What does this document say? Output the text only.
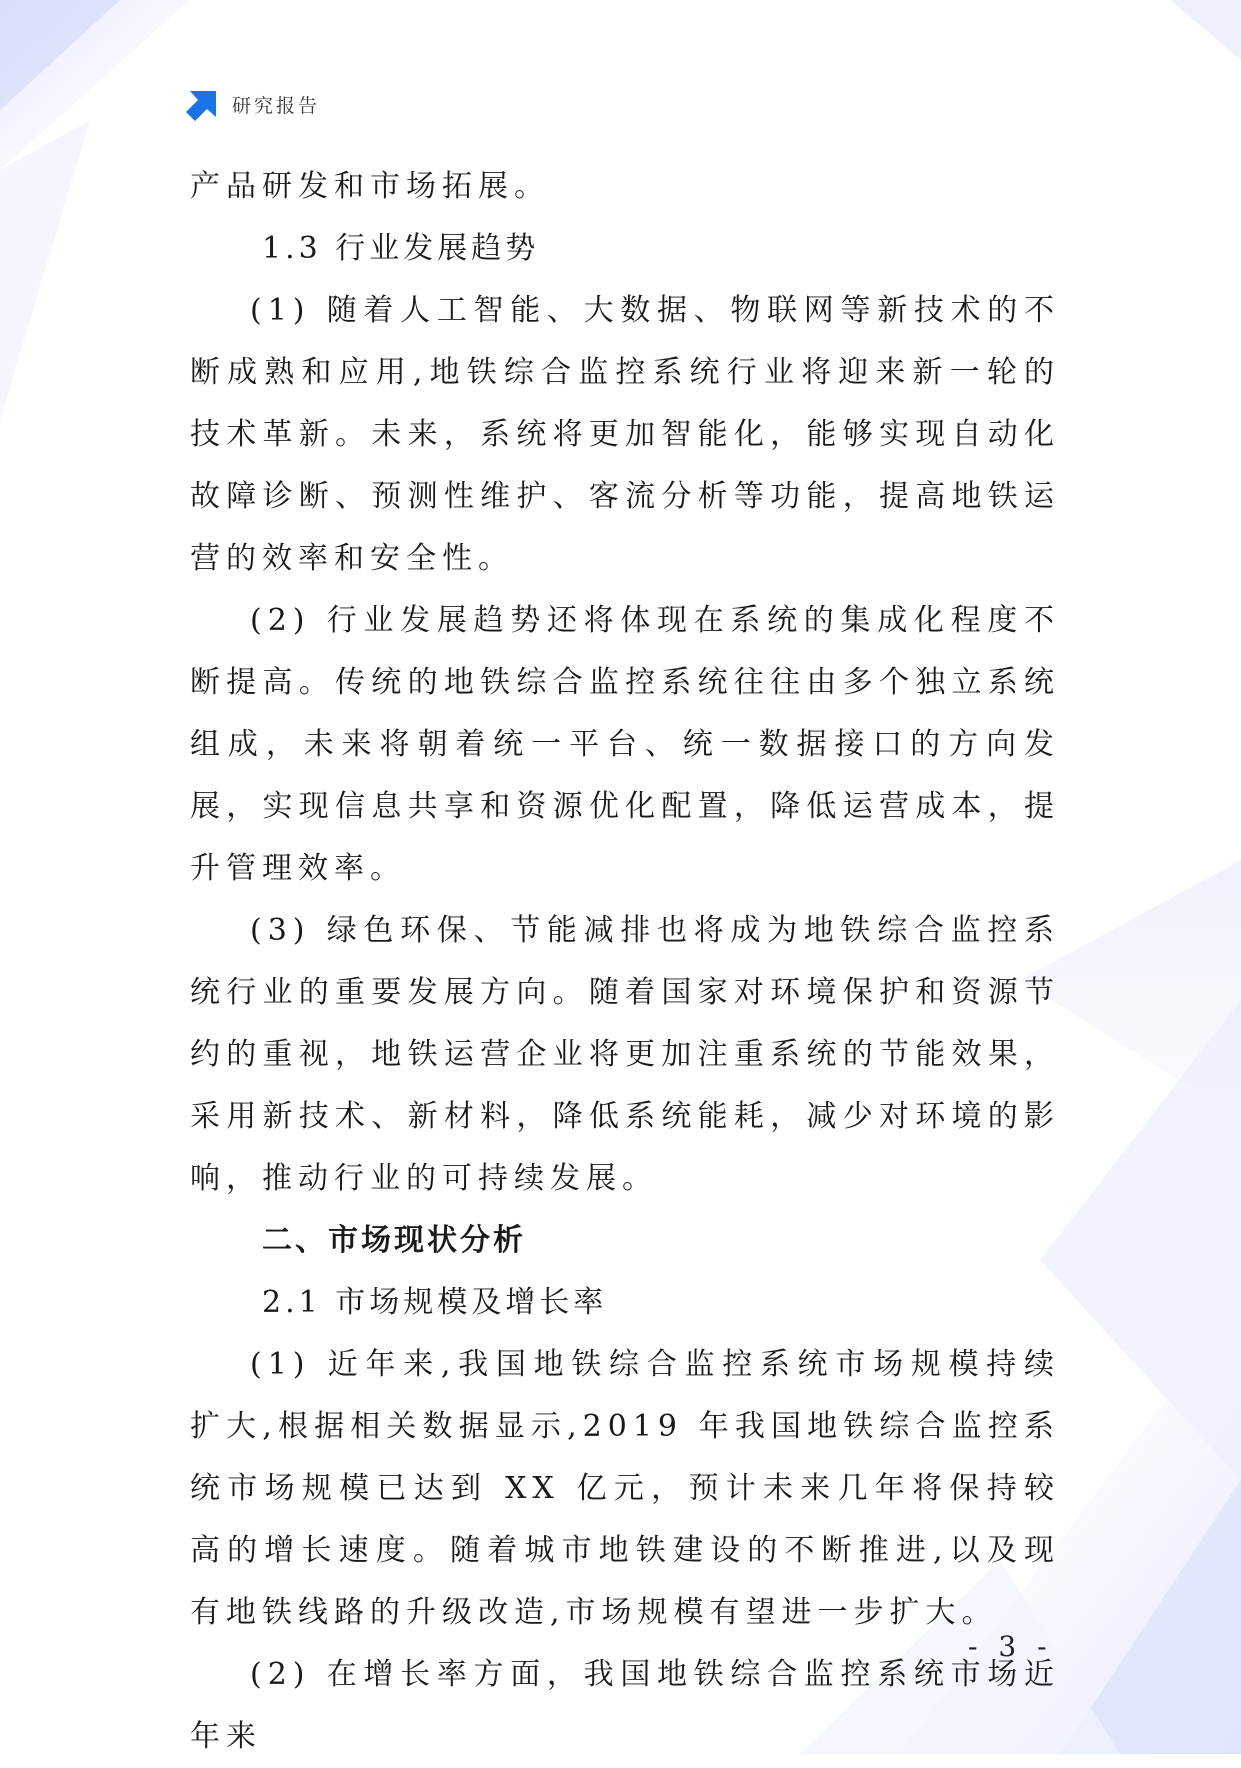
研究报告

产品研发和市场拓展。

1.3 行业发展趋势

(1) 随着人工智能、大数据、物联网等新技术的不断成熟和应用,地铁综合监控系统行业将迎来新一轮的技术革新。未来，系统将更加智能化，能够实现自动化故障诊断、预测性维护、客流分析等功能，提高地铁运营的效率和安全性。

(2) 行业发展趋势还将体现在系统的集成化程度不断提高。传统的地铁综合监控系统往往由多个独立系统组成，未来将朝着统一平台、统一数据接口的方向发展，实现信息共享和资源优化配置，降低运营成本，提升管理效率。

(3) 绿色环保、节能减排也将成为地铁综合监控系统行业的重要发展方向。随着国家对环境保护和资源节约的重视，地铁运营企业将更加注重系统的节能效果，采用新技术、新材料，降低系统能耗，减少对环境的影响，推动行业的可持续发展。

二、市场现状分析

2.1 市场规模及增长率

(1) 近年来,我国地铁综合监控系统市场规模持续扩大,根据相关数据显示,2019 年我国地铁综合监控系统市场规模已达到 XX 亿元，预计未来几年将保持较高的增长速度。随着城市地铁建设的不断推进,以及现有地铁线路的升级改造,市场规模有望进一步扩大。

(2) 在增长率方面，我国地铁综合监控系统市场近年来

- 3 -
